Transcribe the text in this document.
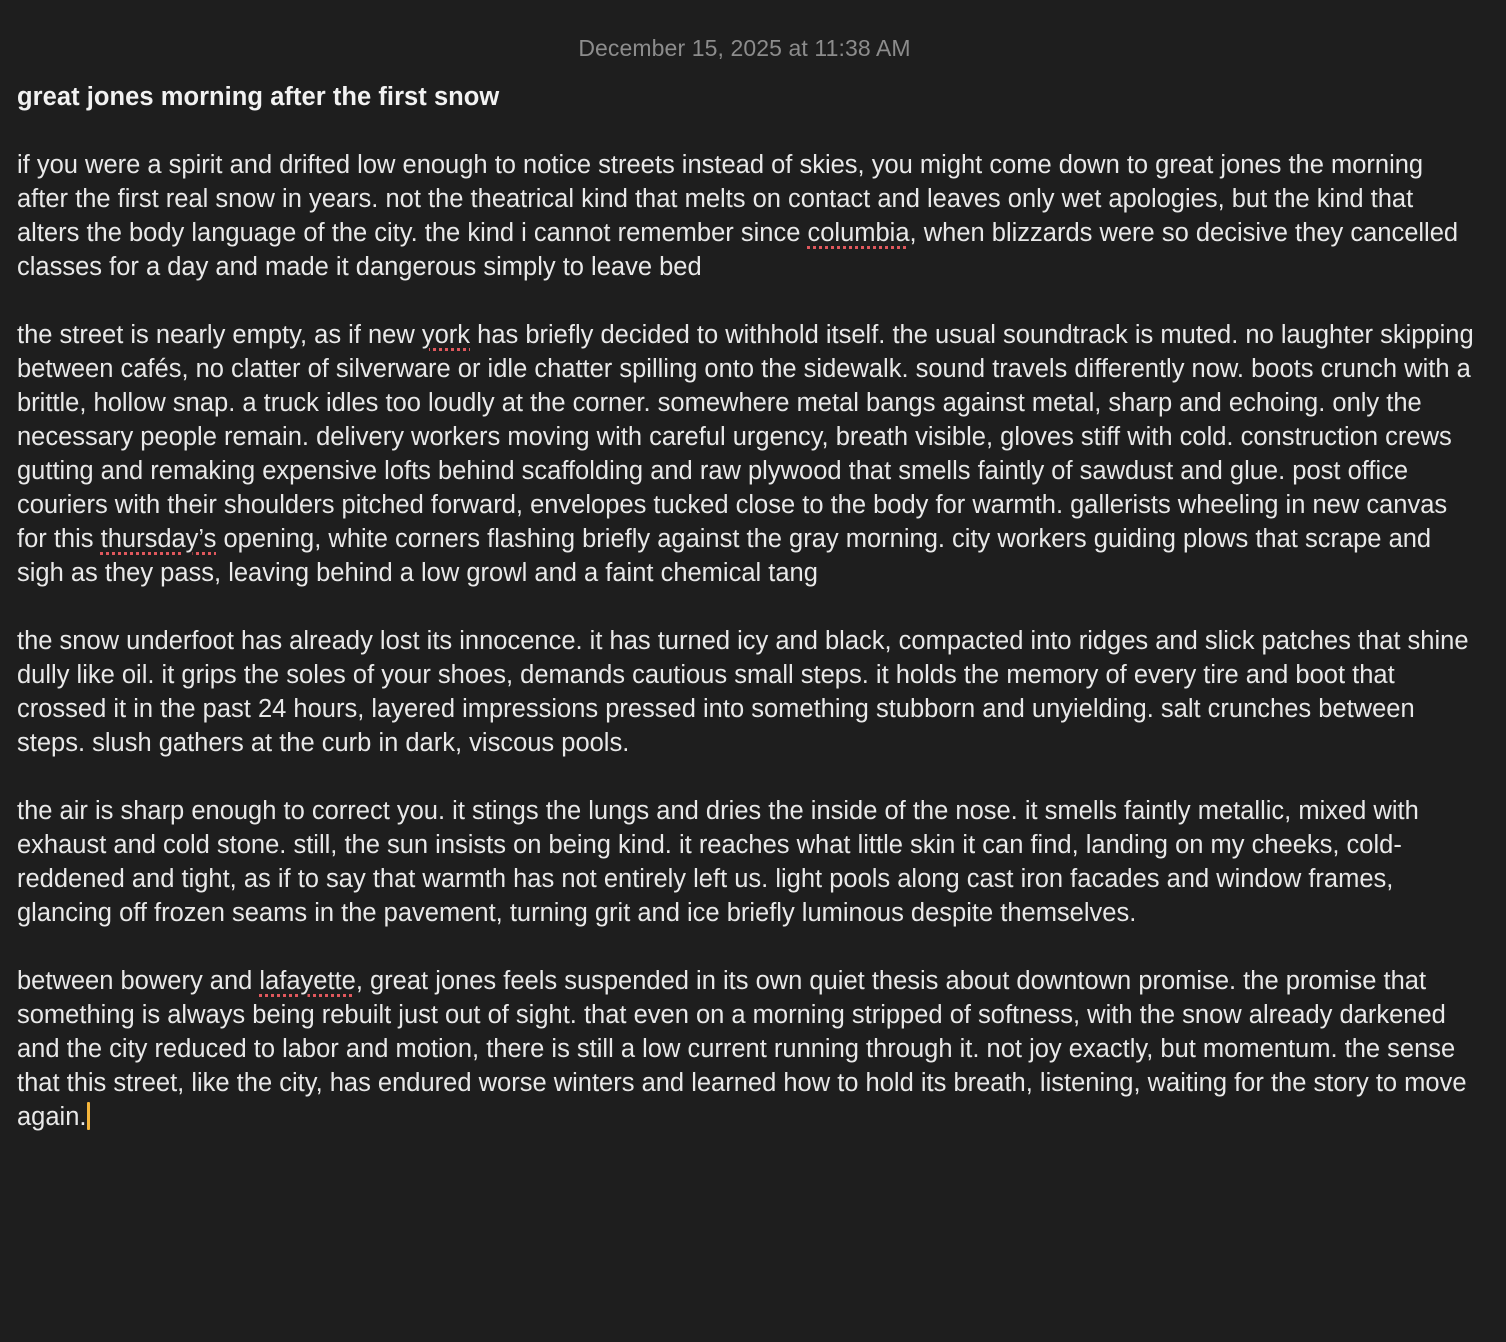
December 15, 2025 at 11:38 AM
great jones morning after the first snow

if you were a spirit and drifted low enough to notice streets instead of skies, you might come down to great jones the morning after the first real snow in years. not the theatrical kind that melts on contact and leaves only wet apologies, but the kind that alters the body language of the city. the kind i cannot remember since columbia, when blizzards were so decisive they cancelled classes for a day and made it dangerous simply to leave bed

the street is nearly empty, as if new york has briefly decided to withhold itself. the usual soundtrack is muted. no laughter skipping between cafés, no clatter of silverware or idle chatter spilling onto the sidewalk. sound travels differently now. boots crunch with a brittle, hollow snap. a truck idles too loudly at the corner. somewhere metal bangs against metal, sharp and echoing. only the necessary people remain. delivery workers moving with careful urgency, breath visible, gloves stiff with cold. construction crews gutting and remaking expensive lofts behind scaffolding and raw plywood that smells faintly of sawdust and glue. post office couriers with their shoulders pitched forward, envelopes tucked close to the body for warmth. gallerists wheeling in new canvas for this thursday’s opening, white corners flashing briefly against the gray morning. city workers guiding plows that scrape and sigh as they pass, leaving behind a low growl and a faint chemical tang

the snow underfoot has already lost its innocence. it has turned icy and black, compacted into ridges and slick patches that shine dully like oil. it grips the soles of your shoes, demands cautious small steps. it holds the memory of every tire and boot that crossed it in the past 24 hours, layered impressions pressed into something stubborn and unyielding. salt crunches between steps. slush gathers at the curb in dark, viscous pools.

the air is sharp enough to correct you. it stings the lungs and dries the inside of the nose. it smells faintly metallic, mixed with exhaust and cold stone. still, the sun insists on being kind. it reaches what little skin it can find, landing on my cheeks, cold-reddened and tight, as if to say that warmth has not entirely left us. light pools along cast iron facades and window frames, glancing off frozen seams in the pavement, turning grit and ice briefly luminous despite themselves.

between bowery and lafayette, great jones feels suspended in its own quiet thesis about downtown promise. the promise that something is always being rebuilt just out of sight. that even on a morning stripped of softness, with the snow already darkened and the city reduced to labor and motion, there is still a low current running through it. not joy exactly, but momentum. the sense that this street, like the city, has endured worse winters and learned how to hold its breath, listening, waiting for the story to move again.
